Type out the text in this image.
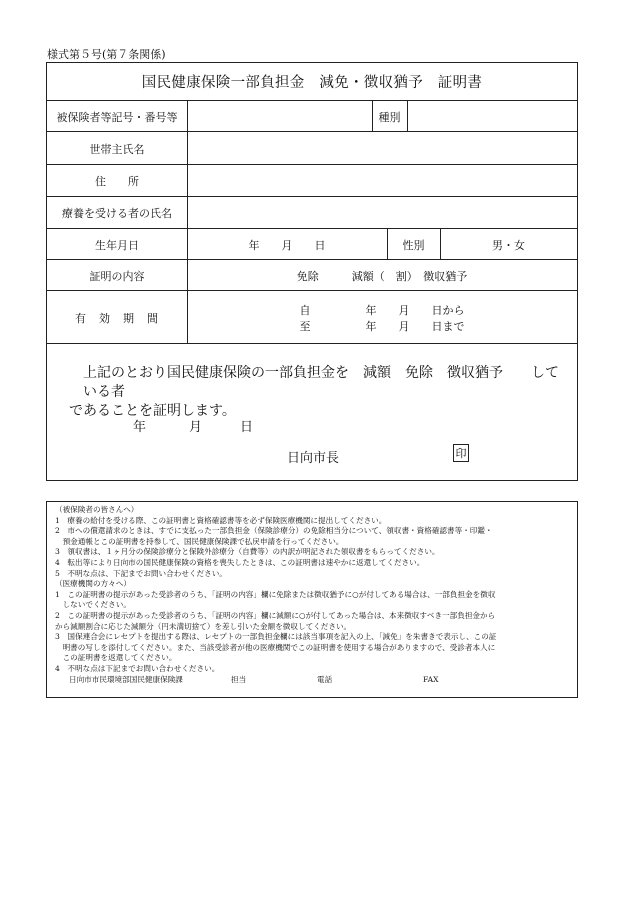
様式第５号(第７条関係)
国民健康保険一部負担金　減免・徴収猶予　証明書
被保険者等記号・番号等	種別
世帯主氏名
住　　所
療養を受ける者の氏名
生年月日	年　　月　　日	性別	男・女
証明の内容	免除　　　減額（　割）　徴収猶予
有　効　期　間
自　　　　　年　　月　　日から
至　　　　　年　　月　　日まで
上記のとおり国民健康保険の一部負担金を　減額　免除　徴収猶予　　している者
であることを証明します。
年	月	日
日向市長	印
（被保険者の皆さんへ）
1　療養の給付を受ける際、この証明書と資格確認書等を必ず保険医療機関に提出してください。
2　市への償還請求のときは、すでに支払った一部負担金（保険診療分）の免除相当分について、領収書・資格確認書等・印鑑・
　預金通帳とこの証明書を持参して、国民健康保険課で払戻申請を行ってください。
3　領収書は、１ヶ月分の保険診療分と保険外診療分（自費等）の内訳が明記された領収書をもらってください。
4　転出等により日向市の国民健康保険の資格を喪失したときは、この証明書は速やかに返還してください。
5　不明な点は、下記までお問い合わせください。
（医療機関の方々へ）
1　この証明書の提示があった受診者のうち、「証明の内容」欄に免除または徴収猶予に○が付してある場合は、一部負担金を徴収
　しないでください。
2　この証明書の提示があった受診者のうち、「証明の内容」欄に減額に○が付してあった場合は、本来徴収すべき一部負担金から
から減額割合に応じた減額分（円未満切捨て）を差し引いた金額を徴収してください。
3　国保連合会にレセプトを提出する際は、レセプトの一部負担金欄には該当事項を記入の上、「減免」を朱書きで表示し、この証
　明書の写しを添付してください。また、当該受診者が他の医療機関でこの証明書を使用する場合がありますので、受診者本人に
　この証明書を返還してください。
4　不明な点は下記までお問い合わせください。
日向市市民環境部国民健康保険課	担当	電話	FAX
